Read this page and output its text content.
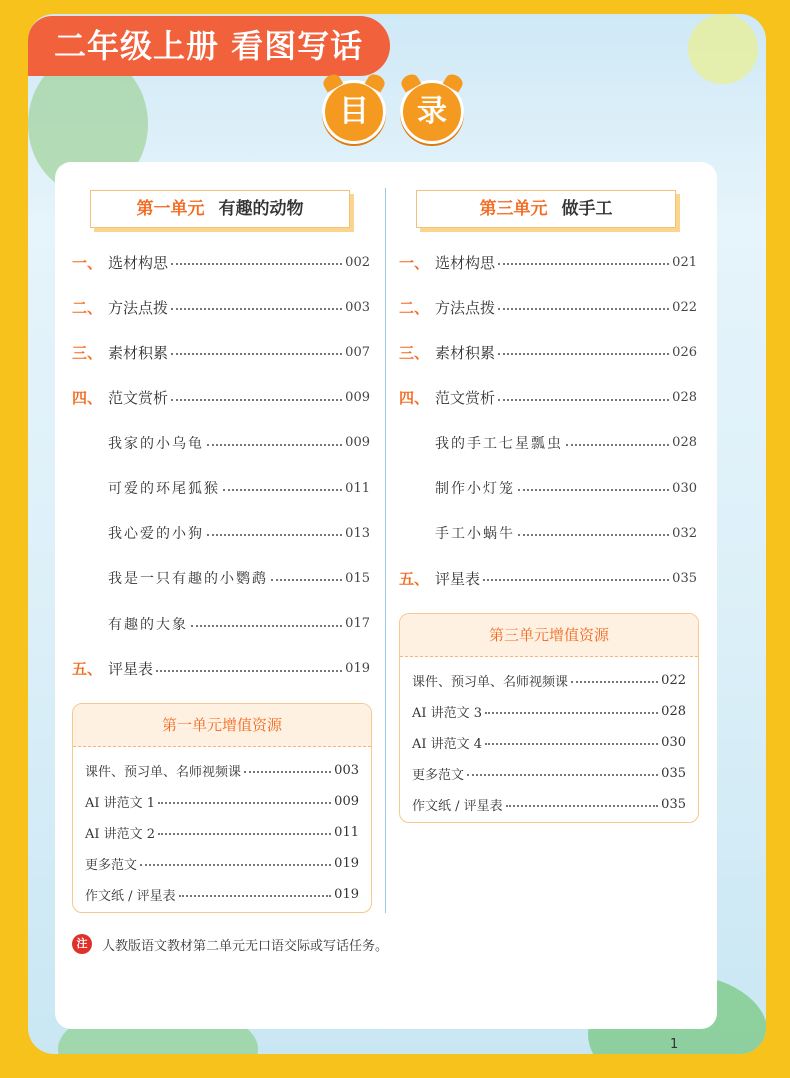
二年级上册 看图写话
目	录
第一单元 有趣的动物	第三单元 做手工
一、 选材构思	002
二、 方法点拨	003
三、 素材积累	007
四、 范文赏析	009
我家的小乌龟	009
可爱的环尾狐猴	011
我心爱的小狗	013
我是一只有趣的小鹦鹉	015
有趣的大象	017
五、 评星表	019
一、 选材构思	021
二、 方法点拨	022
三、 素材积累	026
四、 范文赏析	028
我的手工七星瓢虫	028
制作小灯笼	030
手工小蜗牛	032
五、 评星表	035
第一单元增值资源
课件、预习单、名师视频课	003
AI 讲范文 1	009
AI 讲范文 2	011
更多范文	019
作文纸 / 评星表	019
第三单元增值资源
课件、预习单、名师视频课	022
AI 讲范文 3	028
AI 讲范文 4	030
更多范文	035
作文纸 / 评星表	035
注	人教版语文教材第二单元无口语交际或写话任务。
1
